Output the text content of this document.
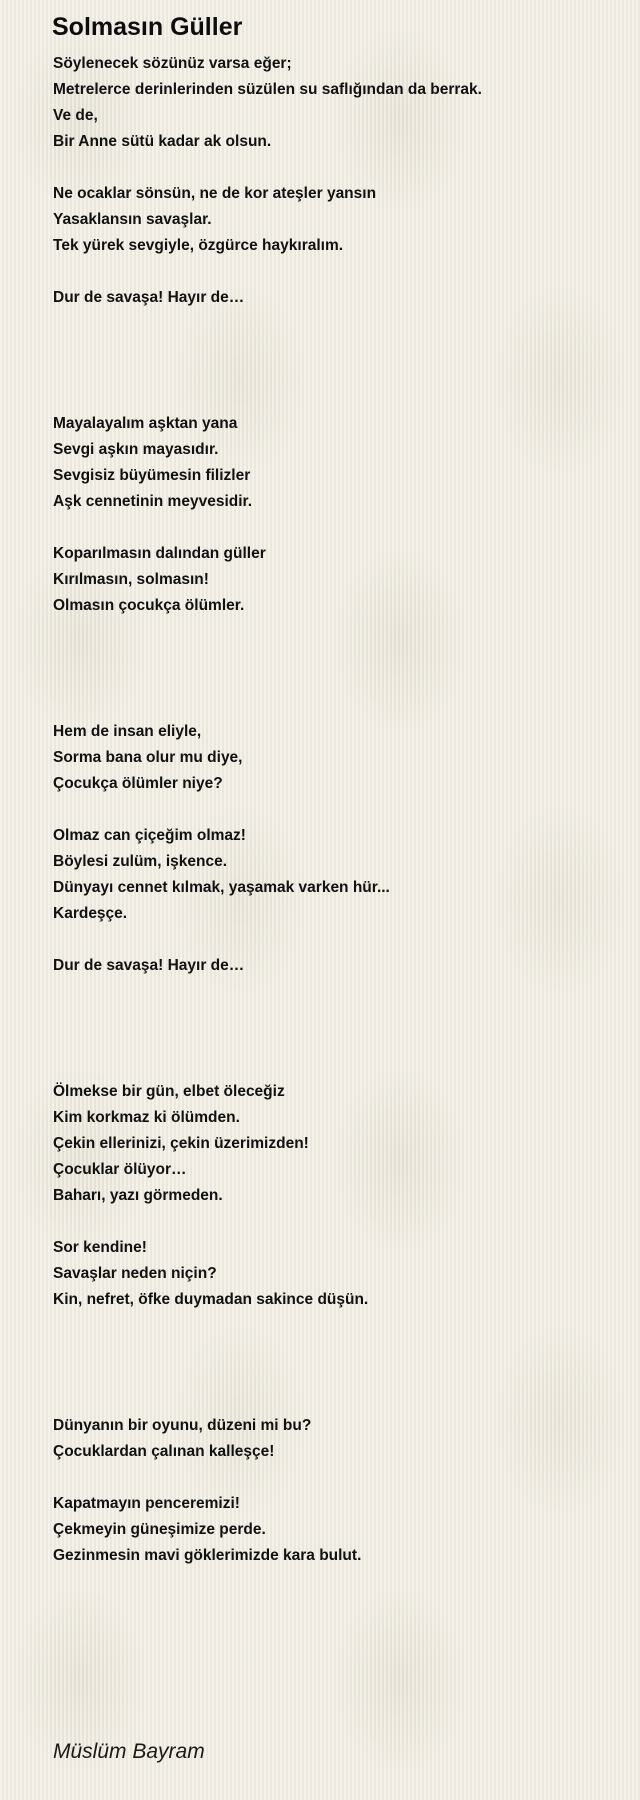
Solmasın Güller
Söylenecek sözünüz varsa eğer;
Metrelerce derinlerinden süzülen su saflığından da berrak.
Ve de,
Bir Anne sütü kadar ak olsun.
Ne ocaklar sönsün, ne de kor ateşler yansın
Yasaklansın savaşlar.
Tek yürek sevgiyle, özgürce haykıralım.
Dur de savaşa! Hayır de…
Mayalayalım aşktan yana
Sevgi aşkın mayasıdır.
Sevgisiz büyümesin filizler
Aşk cennetinin meyvesidir.
Koparılmasın dalından güller
Kırılmasın, solmasın!
Olmasın çocukça ölümler.
Hem de insan eliyle,
Sorma bana olur mu diye,
Çocukça ölümler niye?
Olmaz can çiçeğim olmaz!
Böylesi zulüm, işkence.
Dünyayı cennet kılmak, yaşamak varken hür...
Kardeşçe.
Dur de savaşa! Hayır de…
Ölmekse bir gün, elbet öleceğiz
Kim korkmaz ki ölümden.
Çekin ellerinizi, çekin üzerimizden!
Çocuklar ölüyor…
Baharı, yazı görmeden.
Sor kendine!
Savaşlar neden niçin?
Kin, nefret, öfke duymadan sakince düşün.
Dünyanın bir oyunu, düzeni mi bu?
Çocuklardan çalınan kalleşçe!
Kapatmayın penceremizi!
Çekmeyin güneşimize perde.
Gezinmesin mavi göklerimizde kara bulut.
Müslüm Bayram
